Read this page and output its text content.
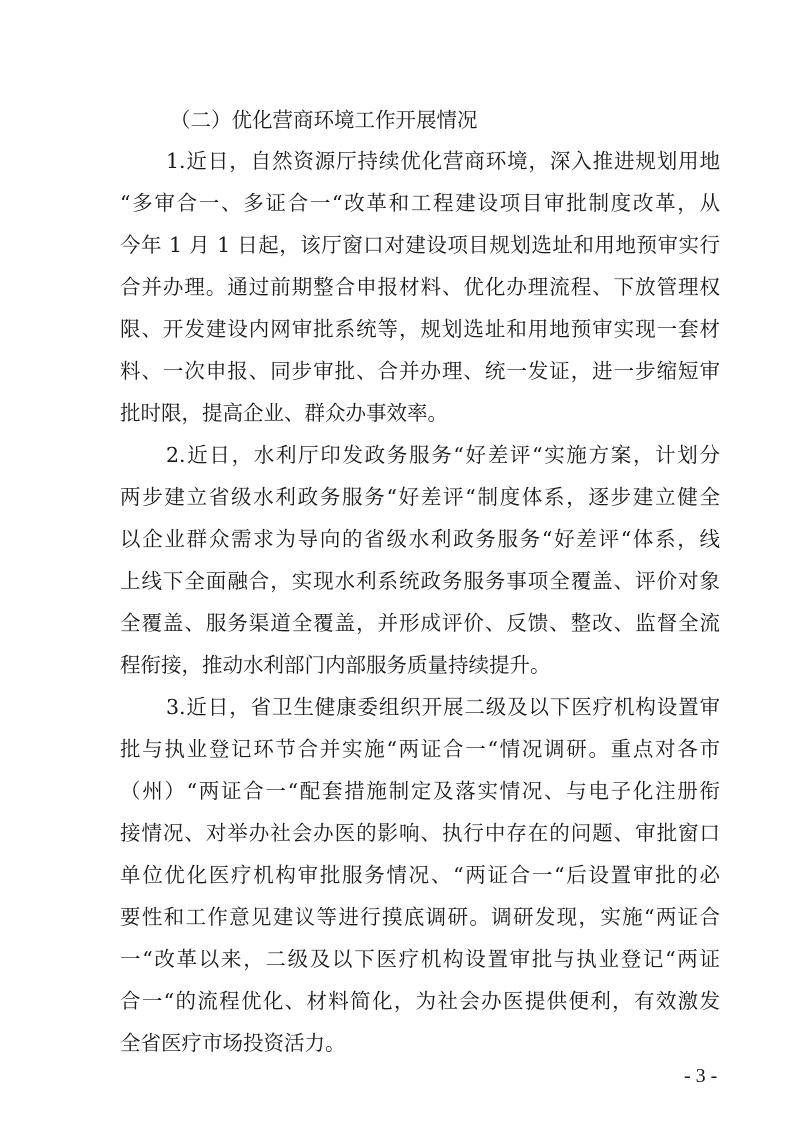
（二）优化营商环境工作开展情况
1.近日，自然资源厅持续优化营商环境，深入推进规划用地
“多审合一、多证合一“改革和工程建设项目审批制度改革，从
今年 1 月 1 日起，该厅窗口对建设项目规划选址和用地预审实行
合并办理。通过前期整合申报材料、优化办理流程、下放管理权
限、开发建设内网审批系统等，规划选址和用地预审实现一套材
料、一次申报、同步审批、合并办理、统一发证，进一步缩短审
批时限，提高企业、群众办事效率。
2.近日，水利厅印发政务服务“好差评“实施方案，计划分
两步建立省级水利政务服务“好差评“制度体系，逐步建立健全
以企业群众需求为导向的省级水利政务服务“好差评“体系，线
上线下全面融合，实现水利系统政务服务事项全覆盖、评价对象
全覆盖、服务渠道全覆盖，并形成评价、反馈、整改、监督全流
程衔接，推动水利部门内部服务质量持续提升。
3.近日，省卫生健康委组织开展二级及以下医疗机构设置审
批与执业登记环节合并实施“两证合一“情况调研。重点对各市
（州）“两证合一“配套措施制定及落实情况、与电子化注册衔
接情况、对举办社会办医的影响、执行中存在的问题、审批窗口
单位优化医疗机构审批服务情况、“两证合一“后设置审批的必
要性和工作意见建议等进行摸底调研。调研发现，实施“两证合
一“改革以来，二级及以下医疗机构设置审批与执业登记“两证
合一“的流程优化、材料简化，为社会办医提供便利，有效激发
全省医疗市场投资活力。
- 3 -
